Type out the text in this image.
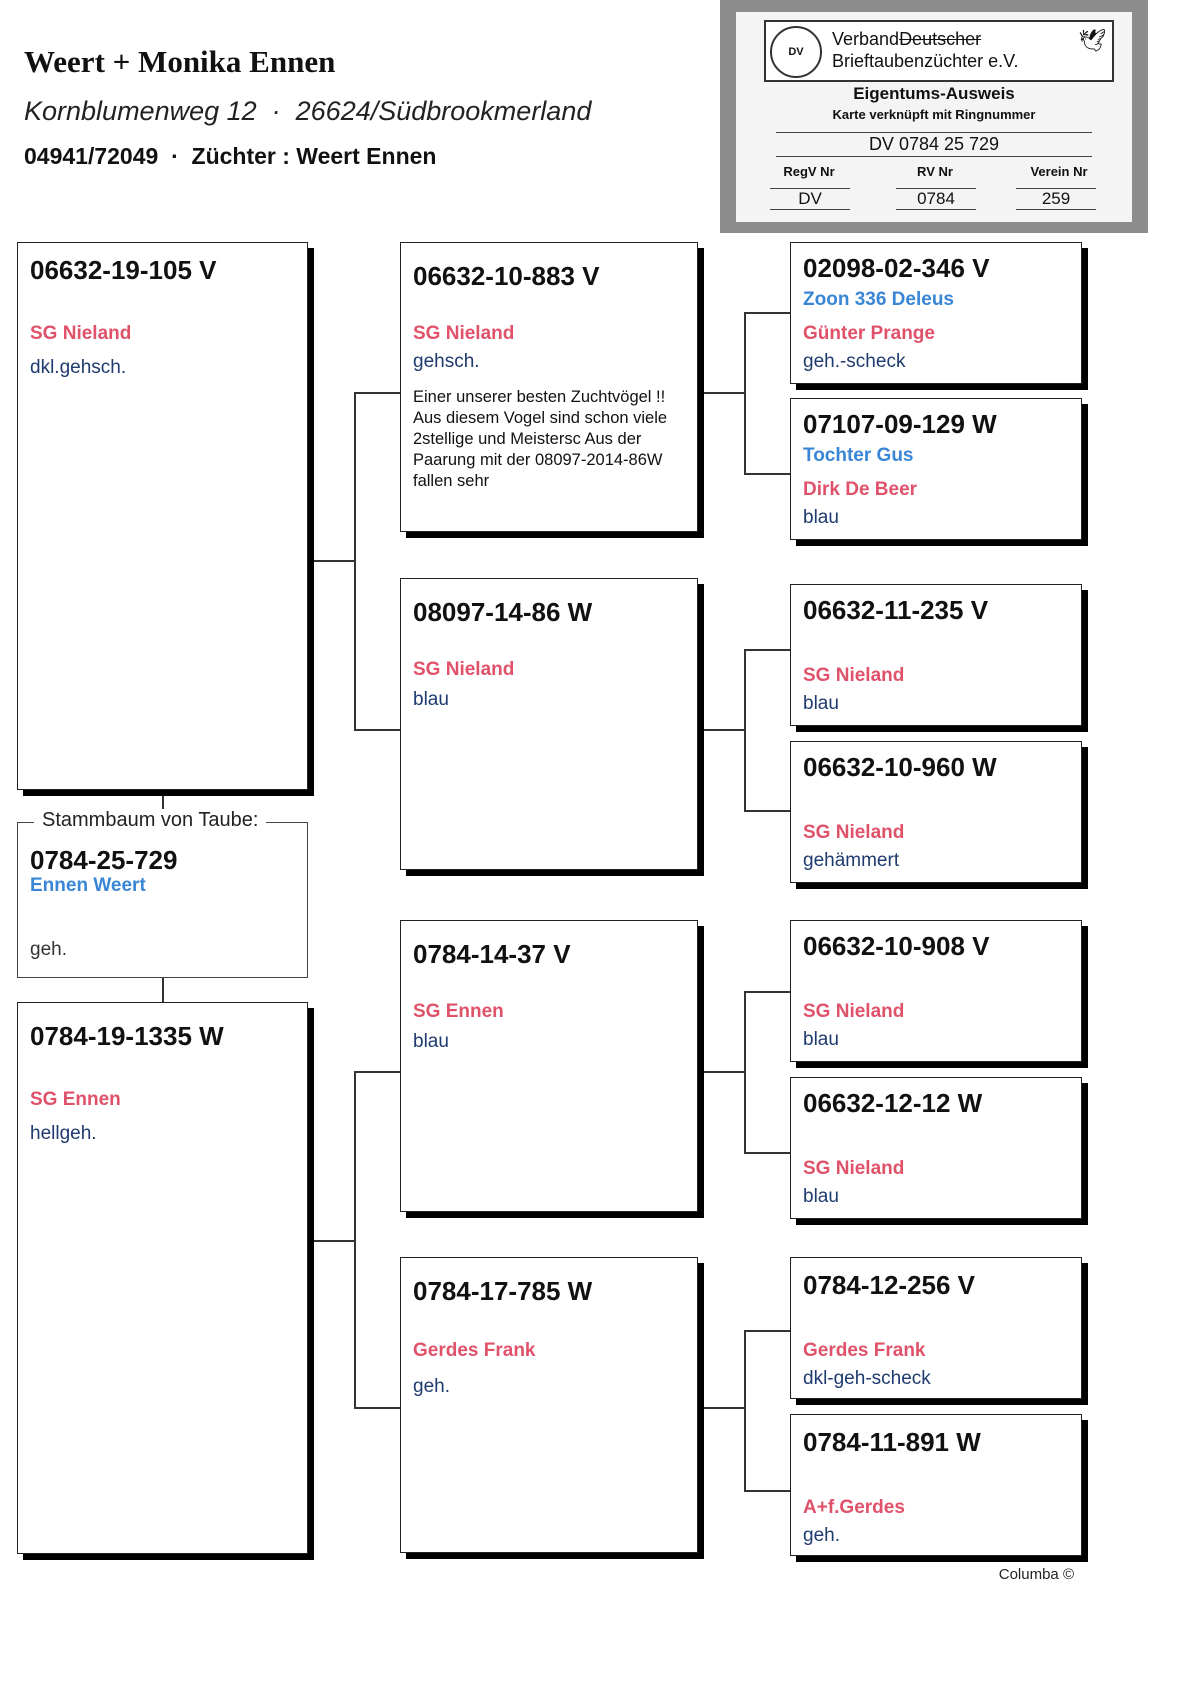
Weert + Monika Ennen
Kornblumenweg 12  ·  26624/Südbrookmerland
04941/72049  ·  Züchter : Weert Ennen
DV
VerbandDeutscher
Brieftaubenzüchter e.V.
🕊
Eigentums-Ausweis
Karte verknüpft mit Ringnummer
DV 0784 25 729
RegV Nr	RV Nr	Verein Nr
DV	0784	259
06632-19-105 V
SG Nieland
dkl.gehsch.
Stammbaum von Taube:
0784-25-729
Ennen Weert
geh.
0784-19-1335 W
SG Ennen
hellgeh.
06632-10-883 V
SG Nieland
gehsch.
Einer unserer besten Zuchtvögel !! Aus diesem Vogel sind schon viele 2stellige und Meistersc Aus der Paarung mit der 08097-2014-86W fallen sehr
08097-14-86 W
SG Nieland
blau
0784-14-37 V
SG Ennen
blau
0784-17-785 W
Gerdes Frank
geh.
02098-02-346 V
Zoon 336 Deleus
Günter Prange
geh.-scheck
07107-09-129 W
Tochter Gus
Dirk De Beer
blau
06632-11-235 V
SG Nieland
blau
06632-10-960 W
SG Nieland
gehämmert
06632-10-908 V
SG Nieland
blau
06632-12-12 W
SG Nieland
blau
0784-12-256 V
Gerdes Frank
dkl-geh-scheck
0784-11-891 W
A+f.Gerdes
geh.
Columba ©
